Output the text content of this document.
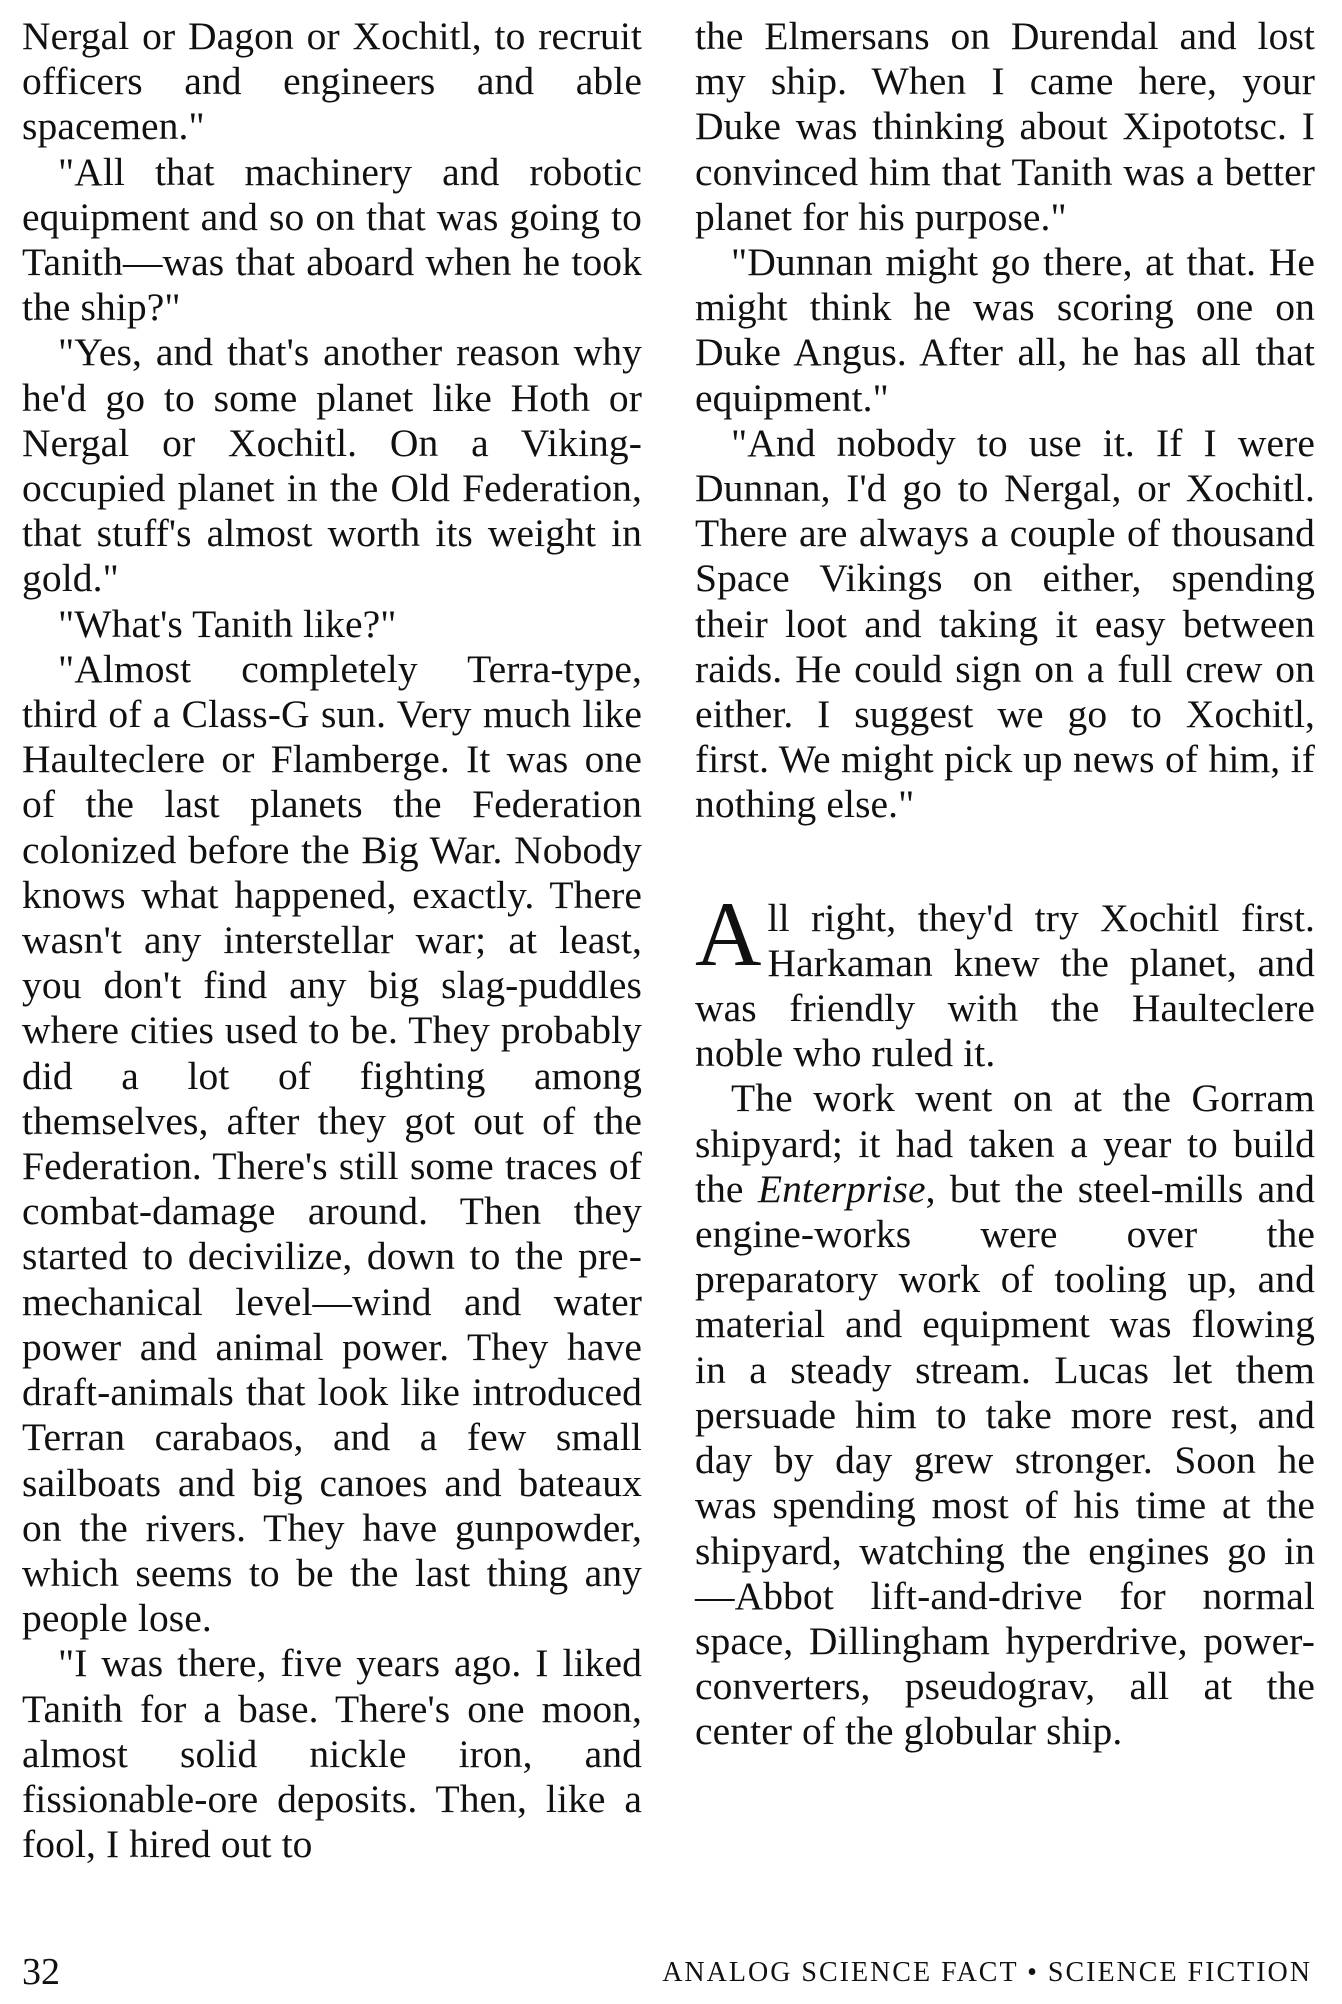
Nergal or Dagon or Xochitl, to recruit officers and engineers and able spacemen."

"All that machinery and robotic equipment and so on that was going to Tanith—was that aboard when he took the ship?"

"Yes, and that's another reason why he'd go to some planet like Hoth or Nergal or Xochitl. On a Viking-occupied planet in the Old Federation, that stuff's almost worth its weight in gold."

"What's Tanith like?"

"Almost completely Terra-type, third of a Class-G sun. Very much like Haulteclere or Flamberge. It was one of the last planets the Federation colonized before the Big War. Nobody knows what happened, exactly. There wasn't any interstellar war; at least, you don't find any big slag-puddles where cities used to be. They probably did a lot of fighting among themselves, after they got out of the Federation. There's still some traces of combat-damage around. Then they started to decivilize, down to the pre-mechanical level—wind and water power and animal power. They have draft-animals that look like introduced Terran carabaos, and a few small sailboats and big canoes and bateaux on the rivers. They have gunpowder, which seems to be the last thing any people lose.

"I was there, five years ago. I liked Tanith for a base. There's one moon, almost solid nickle iron, and fissionable-ore deposits. Then, like a fool, I hired out to

the Elmersans on Durendal and lost my ship. When I came here, your Duke was thinking about Xipototsc. I convinced him that Tanith was a better planet for his purpose."

"Dunnan might go there, at that. He might think he was scoring one on Duke Angus. After all, he has all that equipment."

"And nobody to use it. If I were Dunnan, I'd go to Nergal, or Xochitl. There are always a couple of thousand Space Vikings on either, spending their loot and taking it easy between raids. He could sign on a full crew on either. I suggest we go to Xochitl, first. We might pick up news of him, if nothing else."

All right, they'd try Xochitl first. Harkaman knew the planet, and was friendly with the Haulteclere noble who ruled it.

The work went on at the Gorram shipyard; it had taken a year to build the Enterprise, but the steel-mills and engine-works were over the preparatory work of tooling up, and material and equipment was flowing in a steady stream. Lucas let them persuade him to take more rest, and day by day grew stronger. Soon he was spending most of his time at the shipyard, watching the engines go in—Abbot lift-and-drive for normal space, Dillingham hyperdrive, power-converters, pseudograv, all at the center of the globular ship.

32	ANALOG SCIENCE FACT • SCIENCE FICTION
